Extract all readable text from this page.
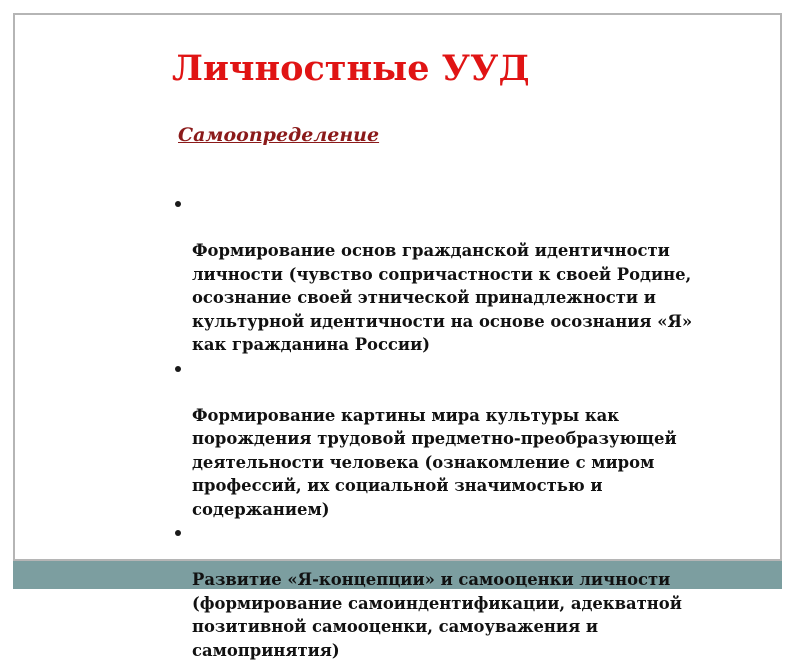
Личностные УУД
Самоопределение

Формирование основ гражданской идентичности
личности (чувство сопричастности к своей Родине,
осознание своей этнической принадлежности и
культурной идентичности на основе осознания «Я»
как гражданина России)

Формирование картины мира культуры как
порождения трудовой предметно-преобразующей
деятельности человека (ознакомление с миром
профессий, их социальной значимостью и
содержанием)

Развитие «Я-концепции» и самооценки личности
(формирование самоиндентификации, адекватной
позитивной самооценки, самоуважения и
самопринятия)
